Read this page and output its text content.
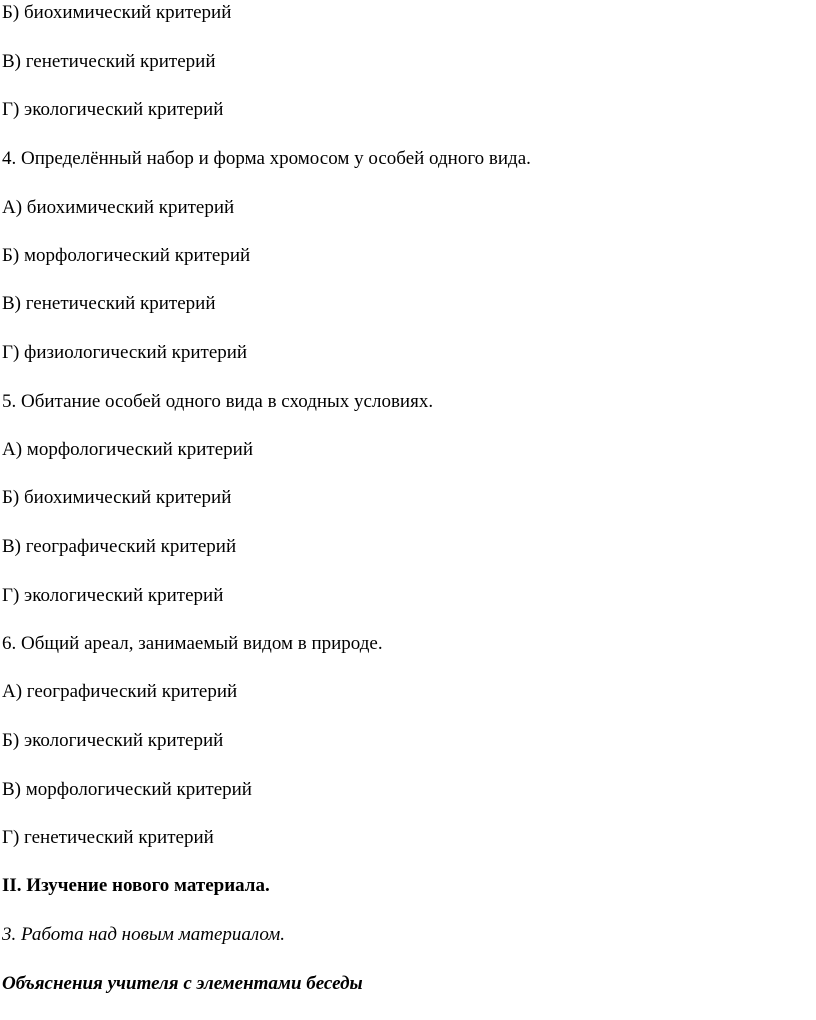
Б) биохимический критерий
В) генетический критерий
Г) экологический критерий
4. Определённый набор и форма хромосом у особей одного вида.
А) биохимический критерий
Б) морфологический критерий
В) генетический критерий
Г) физиологический критерий
5. Обитание особей одного вида в сходных условиях.
А) морфологический критерий
Б) биохимический критерий
В) географический критерий
Г) экологический критерий
6. Общий ареал, занимаемый видом в природе.
А) географический критерий
Б) экологический критерий
В) морфологический критерий
Г) генетический критерий
II. Изучение нового материала.
3. Работа над новым материалом.
Объяснения учителя с элементами беседы
